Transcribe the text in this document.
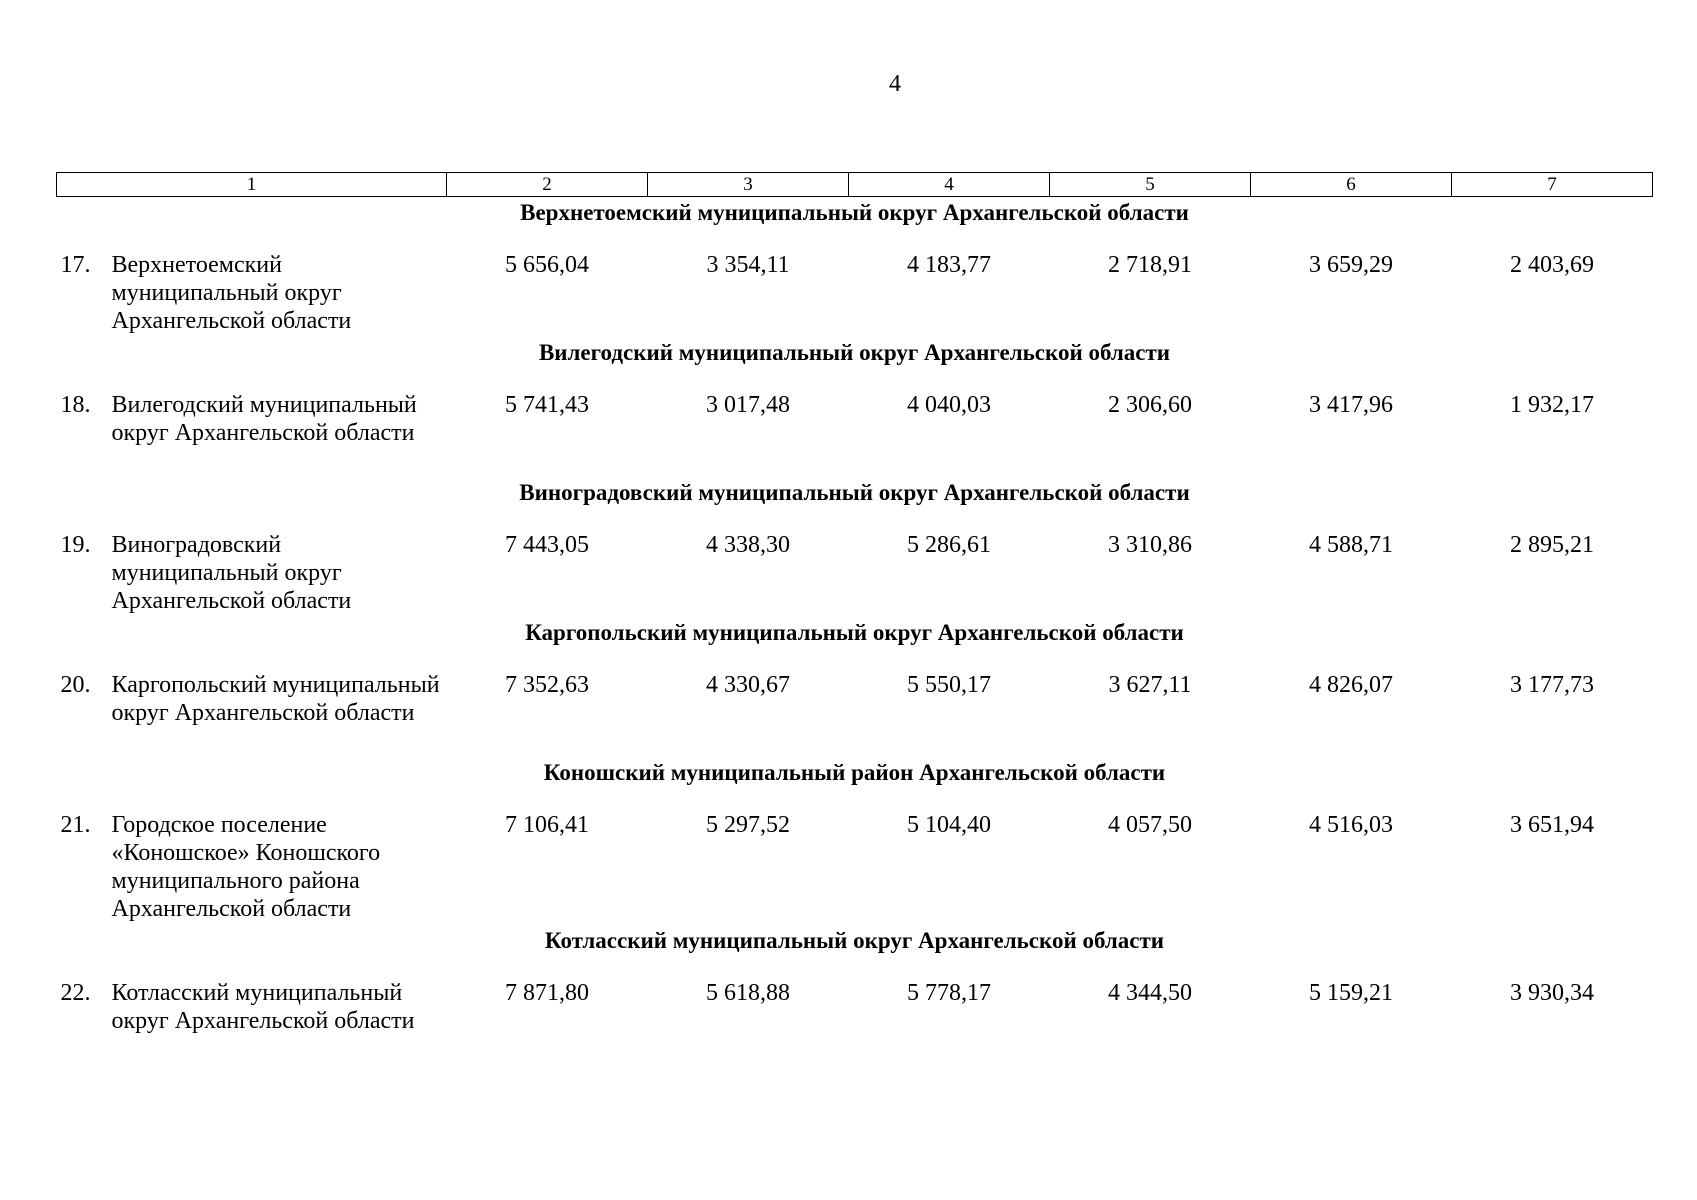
4
1	2	3	4	5	6	7
Верхнетоемский муниципальный округ Архангельской области						

17. Верхнетоемский муниципальный округ Архангельской области	5 656,04	3 354,11	4 183,77	2 718,91	3 659,29	2 403,69
Вилегодский муниципальный округ Архангельской области						

18. Вилегодский муниципальный округ Архангельской области	5 741,43	3 017,48	4 040,03	2 306,60	3 417,96	1 932,17
Виноградовский муниципальный округ Архангельской области						

19. Виноградовский муниципальный округ Архангельской области	7 443,05	4 338,30	5 286,61	3 310,86	4 588,71	2 895,21
Каргопольский муниципальный округ Архангельской области						

20. Каргопольский муниципальный округ Архангельской области	7 352,63	4 330,67	5 550,17	3 627,11	4 826,07	3 177,73
Коношский муниципальный район Архангельской области						

21. Городское поселение «Коношское» Коношского муниципального района Архангельской области	7 106,41	5 297,52	5 104,40	4 057,50	4 516,03	3 651,94
Котласский муниципальный округ Архангельской области						

22. Котласский муниципальный округ Архангельской области	7 871,80	5 618,88	5 778,17	4 344,50	5 159,21	3 930,34
